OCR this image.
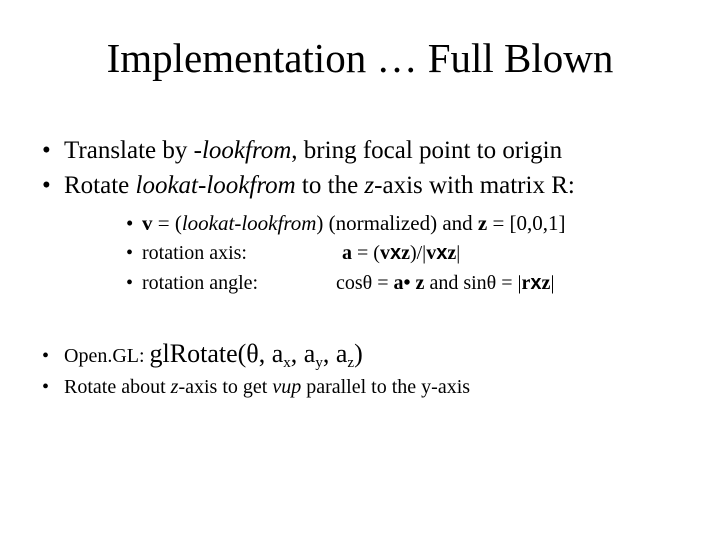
Implementation … Full Blown
• Translate by -lookfrom, bring focal point to origin
• Rotate lookat-lookfrom to the z-axis with matrix R:
• v = (lookat-lookfrom) (normalized) and z = [0,0,1]
• rotation axis:	a = (vxz)/|vxz|
• rotation angle:	cosθ = a• z and sinθ = |rxz|
• Open.GL: glRotate(θ, $a_x$, $a_y$, $a_z$)
• Rotate about z-axis to get vup parallel to the y-axis
